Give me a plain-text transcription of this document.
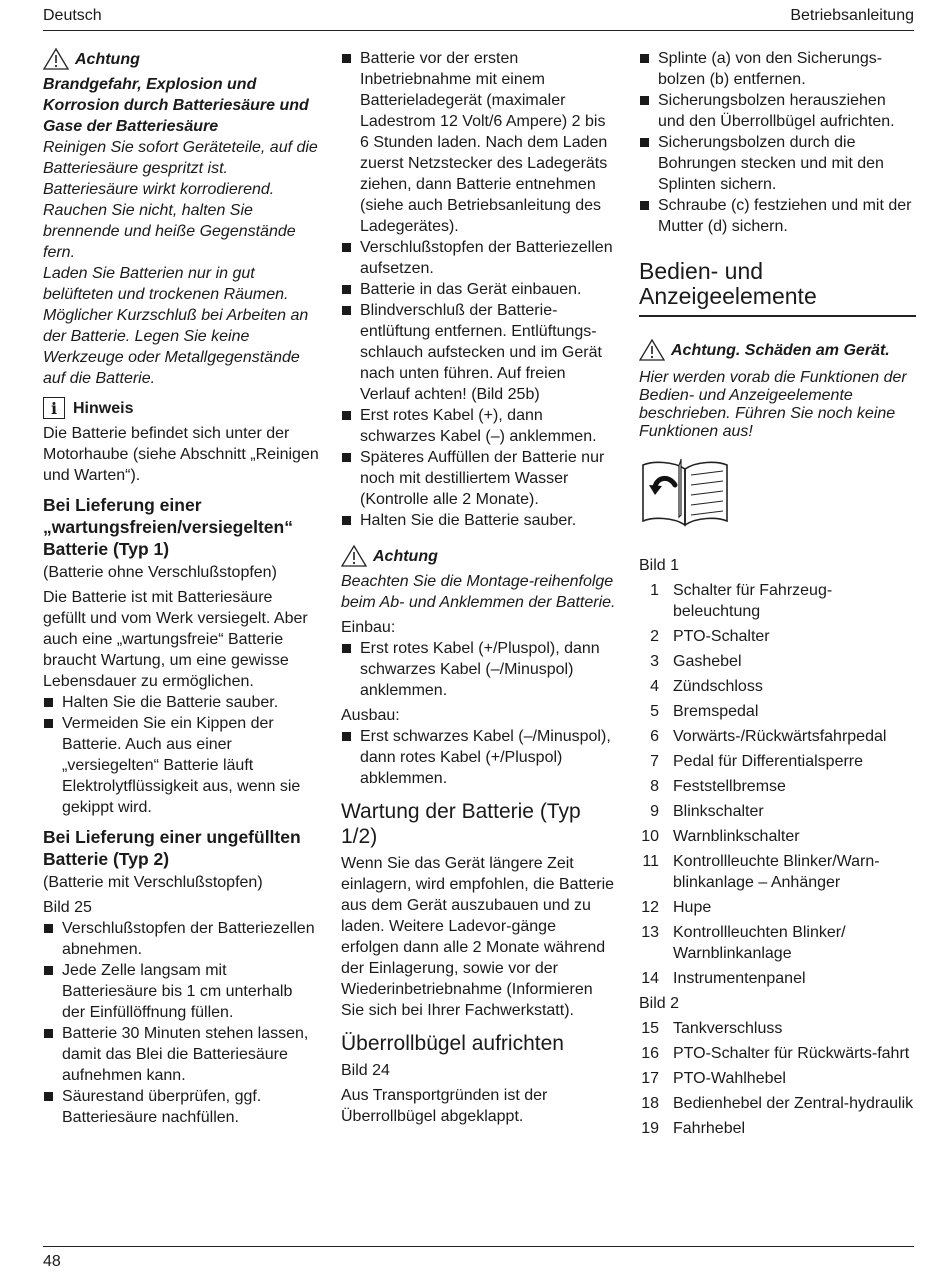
Deutsch	Betriebsanleitung
Achtung

Brandgefahr, Explosion und Korrosion durch Batteriesäure und Gase der Batteriesäure

Reinigen Sie sofort Geräteteile, auf die Batteriesäure gespritzt ist. Batteriesäure wirkt korrodierend.

Rauchen Sie nicht, halten Sie brennende und heiße Gegenstände fern.

Laden Sie Batterien nur in gut belüfteten und trockenen Räumen. Möglicher Kurzschluß bei Arbeiten an der Batterie. Legen Sie keine Werkzeuge oder Metallgegenstände auf die Batterie.

i Hinweis

Die Batterie befindet sich unter der Motorhaube (siehe Abschnitt „Reinigen und Warten“).

Bei Lieferung einer „wartungsfreien/versiegelten“ Batterie (Typ 1)

(Batterie ohne Verschlußstopfen)

Die Batterie ist mit Batteriesäure gefüllt und vom Werk versiegelt. Aber auch eine „wartungsfreie“ Batterie braucht Wartung, um eine gewisse Lebensdauer zu ermöglichen.

Halten Sie die Batterie sauber.
Vermeiden Sie ein Kippen der Batterie. Auch aus einer „versiegelten“ Batterie läuft Elektrolytflüssigkeit aus, wenn sie gekippt wird.
Bei Lieferung einer ungefüllten Batterie (Typ 2)

(Batterie mit Verschlußstopfen)

Bild 25

Verschlußstopfen der Batteriezellen abnehmen.
Jede Zelle langsam mit Batteriesäure bis 1 cm unterhalb der Einfüllöffnung füllen.
Batterie 30 Minuten stehen lassen, damit das Blei die Batteriesäure aufnehmen kann.
Säurestand überprüfen, ggf. Batteriesäure nachfüllen.
Batterie vor der ersten Inbetriebnahme mit einem Batterieladegerät (maximaler Ladestrom 12 Volt/6 Ampere) 2 bis 6 Stunden laden. Nach dem Laden zuerst Netzstecker des Ladegeräts ziehen, dann Batterie entnehmen (siehe auch Betriebsanleitung des Ladegerätes).
Verschlußstopfen der Batteriezellen aufsetzen.
Batterie in das Gerät einbauen.
Blindverschluß der Batterie-entlüftung entfernen. Entlüftungs-schlauch aufstecken und im Gerät nach unten führen. Auf freien Verlauf achten! (Bild 25b)
Erst rotes Kabel (+), dann schwarzes Kabel (–) anklemmen.
Späteres Auffüllen der Batterie nur noch mit destilliertem Wasser (Kontrolle alle 2 Monate).
Halten Sie die Batterie sauber.
Achtung

Beachten Sie die Montage-reihenfolge beim Ab- und Anklemmen der Batterie.

Einbau:

Erst rotes Kabel (+/Pluspol), dann schwarzes Kabel (–/Minuspol) anklemmen.

Ausbau:

Erst schwarzes Kabel (–/Minuspol), dann rotes Kabel (+/Pluspol) abklemmen.
Wartung der Batterie (Typ 1/2)

Wenn Sie das Gerät längere Zeit einlagern, wird empfohlen, die Batterie aus dem Gerät auszubauen und zu laden. Weitere Ladevor-gänge erfolgen dann alle 2 Monate während der Einlagerung, sowie vor der Wiederinbetriebnahme (Informieren Sie sich bei Ihrer Fachwerkstatt).

Überrollbügel aufrichten

Bild 24

Aus Transportgründen ist der Überrollbügel abgeklappt.

Splinte (a) von den Sicherungs-bolzen (b) entfernen.
Sicherungsbolzen herausziehen und den Überrollbügel aufrichten.
Sicherungsbolzen durch die Bohrungen stecken und mit den Splinten sichern.
Schraube (c) festziehen und mit der Mutter (d) sichern.
Bedien- und Anzeigeelemente
Achtung. Schäden am Gerät.

Hier werden vorab die Funktionen der Bedien- und Anzeigeelemente beschrieben. Führen Sie noch keine Funktionen aus!

Bild 1

1 Schalter für Fahrzeug-beleuchtung
2 PTO-Schalter
3 Gashebel
4 Zündschloss
5 Bremspedal
6 Vorwärts-/Rückwärtsfahrpedal
7 Pedal für Differentialsperre
8 Feststellbremse
9 Blinkschalter
10 Warnblinkschalter
11 Kontrollleuchte Blinker/Warn-blinkanlage – Anhänger
12 Hupe
13 Kontrollleuchten Blinker/ Warnblinkanlage
14 Instrumentenpanel

Bild 2

15 Tankverschluss
16 PTO-Schalter für Rückwärts-fahrt
17 PTO-Wahlhebel
18 Bedienhebel der Zentral-hydraulik
19 Fahrhebel
48
